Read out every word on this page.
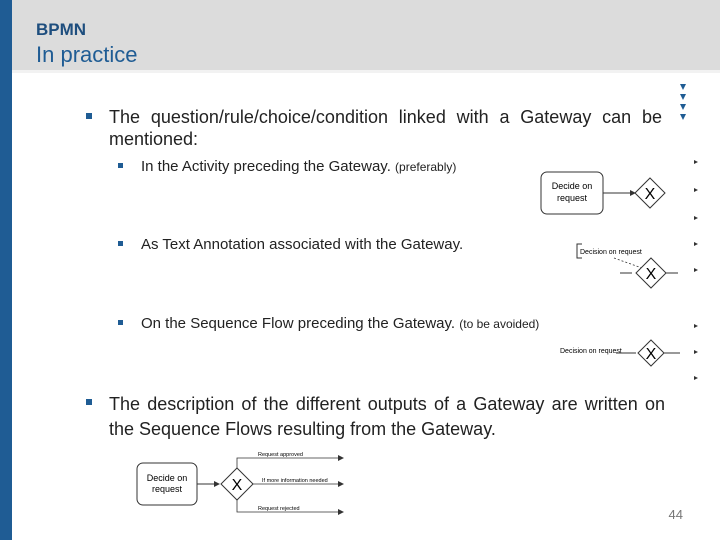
BPMN
In practice
The question/rule/choice/condition linked with a Gateway can be mentioned:
In the Activity preceding the Gateway. (preferably)
Decide on
request	X
As Text Annotation associated with the Gateway.	Decision on request
X
On the Sequence Flow preceding the Gateway. (to be avoided)
Decision on request X
The description of the different outputs of a Gateway are written on the Sequence Flows resulting from the Gateway.
Decide on
request	X
Request approved
If more information needed
Request rejected	44
